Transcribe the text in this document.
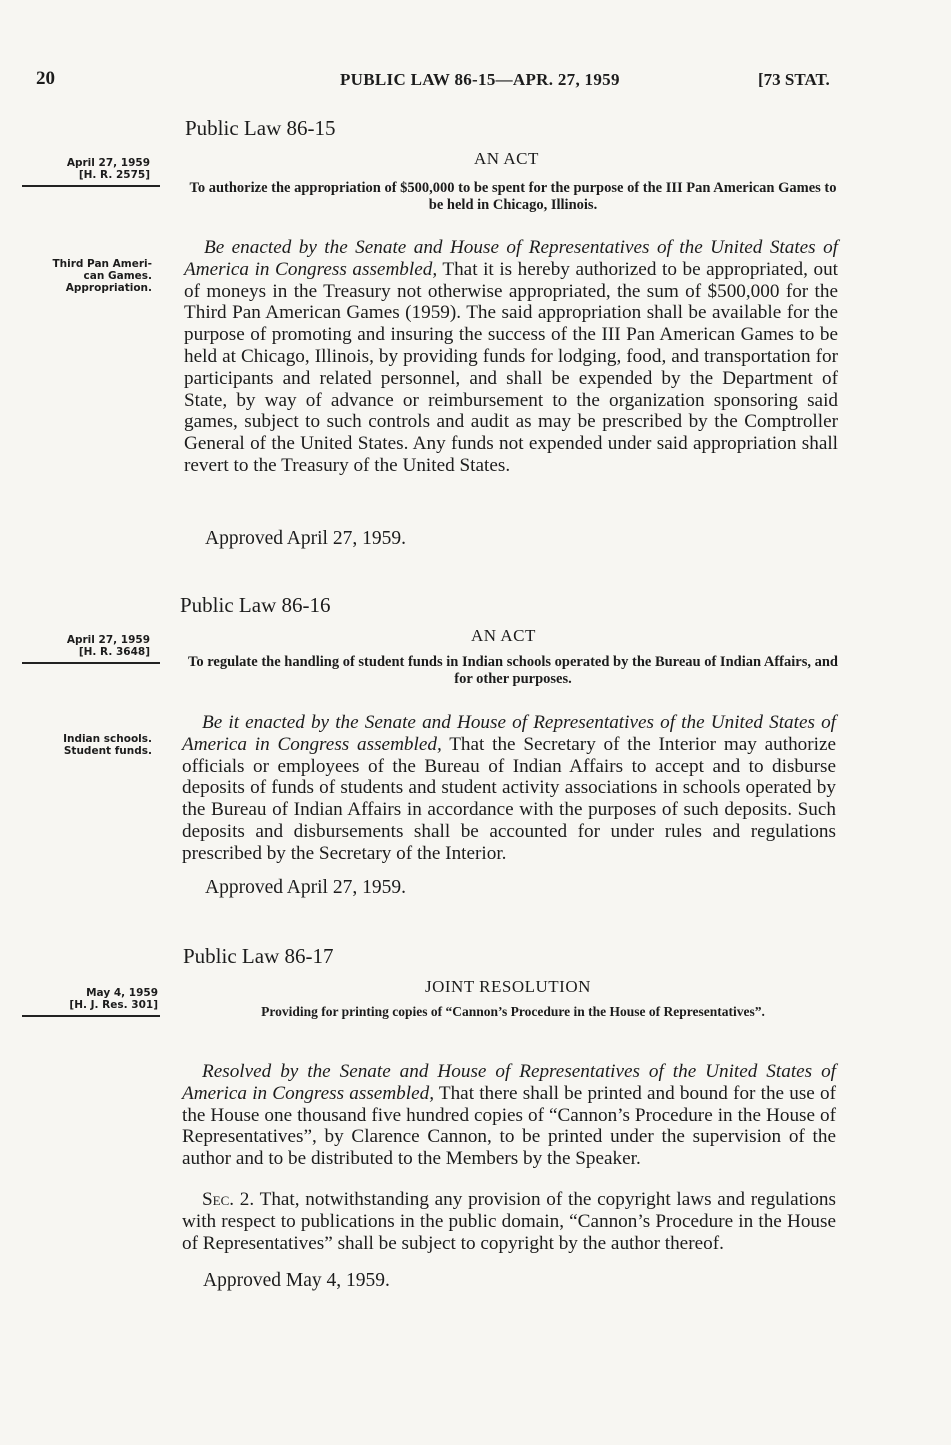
20	PUBLIC LAW 86-15—APR. 27, 1959	[73 STAT.
Public Law 86-15
AN ACT
April 27, 1959
[H. R. 2575]
To authorize the appropriation of $500,000 to be spent for the purpose of the III Pan American Games to be held in Chicago, Illinois.
Third Pan Ameri-
can Games.
Appropriation.
Be enacted by the Senate and House of Representatives of the United States of America in Congress assembled, That it is hereby authorized to be appropriated, out of moneys in the Treasury not otherwise appropriated, the sum of $500,000 for the Third Pan American Games (1959). The said appropriation shall be available for the purpose of promoting and insuring the success of the III Pan American Games to be held at Chicago, Illinois, by providing funds for lodging, food, and transportation for participants and related personnel, and shall be expended by the Department of State, by way of advance or reimbursement to the organization sponsoring said games, subject to such controls and audit as may be prescribed by the Comptroller General of the United States. Any funds not expended under said appropriation shall revert to the Treasury of the United States.
Approved April 27, 1959.
Public Law 86-16
AN ACT
April 27, 1959
[H. R. 3648]
To regulate the handling of student funds in Indian schools operated by the Bureau of Indian Affairs, and for other purposes.
Indian schools.
Student funds.
Be it enacted by the Senate and House of Representatives of the United States of America in Congress assembled, That the Secretary of the Interior may authorize officials or employees of the Bureau of Indian Affairs to accept and to disburse deposits of funds of students and student activity associations in schools operated by the Bureau of Indian Affairs in accordance with the purposes of such deposits. Such deposits and disbursements shall be accounted for under rules and regulations prescribed by the Secretary of the Interior.
Approved April 27, 1959.
Public Law 86-17
JOINT RESOLUTION
May 4, 1959
[H. J. Res. 301]	Providing for printing copies of “Cannon’s Procedure in the House of Representatives”.
Resolved by the Senate and House of Representatives of the United States of America in Congress assembled, That there shall be printed and bound for the use of the House one thousand five hundred copies of “Cannon’s Procedure in the House of Representatives”, by Clarence Cannon, to be printed under the supervision of the author and to be distributed to the Members by the Speaker.
Sec. 2. That, notwithstanding any provision of the copyright laws and regulations with respect to publications in the public domain, “Cannon’s Procedure in the House of Representatives” shall be subject to copyright by the author thereof.
Approved May 4, 1959.
